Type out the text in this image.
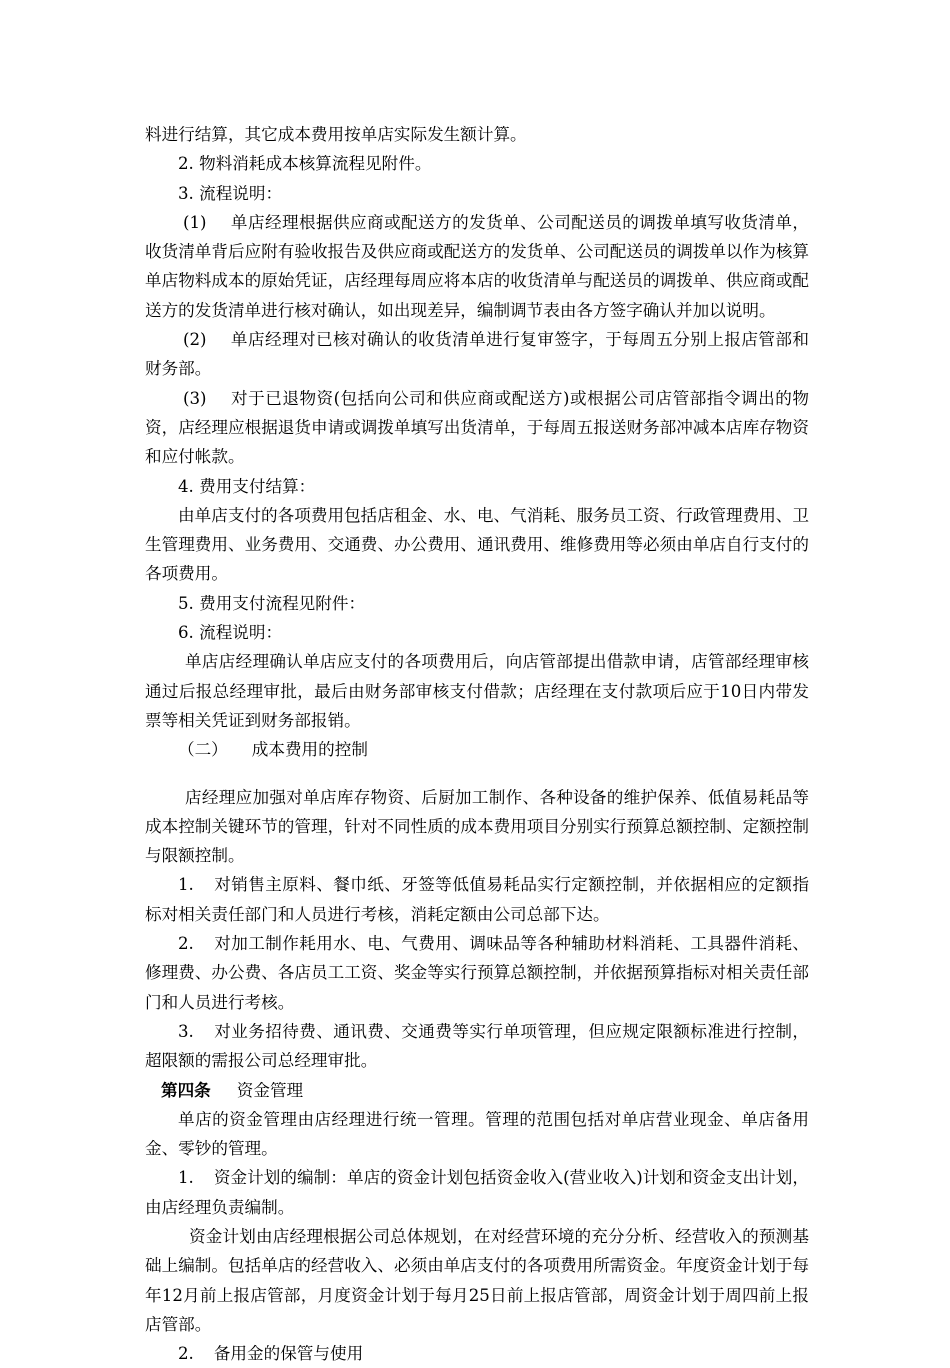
料进行结算，其它成本费用按单店实际发生额计算。

2. 物料消耗成本核算流程见附件。

3. 流程说明：

(1) 单店经理根据供应商或配送方的发货单、公司配送员的调拨单填写收货清单，收货清单背后应附有验收报告及供应商或配送方的发货单、公司配送员的调拨单以作为核算单店物料成本的原始凭证，店经理每周应将本店的收货清单与配送员的调拨单、供应商或配送方的发货清单进行核对确认，如出现差异，编制调节表由各方签字确认并加以说明。

(2) 单店经理对已核对确认的收货清单进行复审签字，于每周五分别上报店管部和财务部。

(3) 对于已退物资(包括向公司和供应商或配送方)或根据公司店管部指令调出的物资，店经理应根据退货申请或调拨单填写出货清单，于每周五报送财务部冲减本店库存物资和应付帐款。

4. 费用支付结算：

由单店支付的各项费用包括店租金、水、电、气消耗、服务员工资、行政管理费用、卫生管理费用、业务费用、交通费、办公费用、通讯费用、维修费用等必须由单店自行支付的各项费用。

5. 费用支付流程见附件：

6. 流程说明：

单店店经理确认单店应支付的各项费用后，向店管部提出借款申请，店管部经理审核通过后报总经理审批，最后由财务部审核支付借款；店经理在支付款项后应于10日内带发票等相关凭证到财务部报销。

（二） 成本费用的控制

店经理应加强对单店库存物资、后厨加工制作、各种设备的维护保养、低值易耗品等成本控制关键环节的管理，针对不同性质的成本费用项目分别实行预算总额控制、定额控制与限额控制。

1. 对销售主原料、餐巾纸、牙签等低值易耗品实行定额控制，并依据相应的定额指标对相关责任部门和人员进行考核，消耗定额由公司总部下达。

2. 对加工制作耗用水、电、气费用、调味品等各种辅助材料消耗、工具器件消耗、修理费、办公费、各店员工工资、奖金等实行预算总额控制，并依据预算指标对相关责任部门和人员进行考核。

3. 对业务招待费、通讯费、交通费等实行单项管理，但应规定限额标准进行控制，超限额的需报公司总经理审批。

第四条 资金管理

单店的资金管理由店经理进行统一管理。管理的范围包括对单店营业现金、单店备用金、零钞的管理。

1. 资金计划的编制：单店的资金计划包括资金收入(营业收入)计划和资金支出计划，由店经理负责编制。

资金计划由店经理根据公司总体规划，在对经营环境的充分分析、经营收入的预测基础上编制。包括单店的经营收入、必须由单店支付的各项费用所需资金。年度资金计划于每年12月前上报店管部，月度资金计划于每月25日前上报店管部，周资金计划于周四前上报店管部。

2. 备用金的保管与使用
